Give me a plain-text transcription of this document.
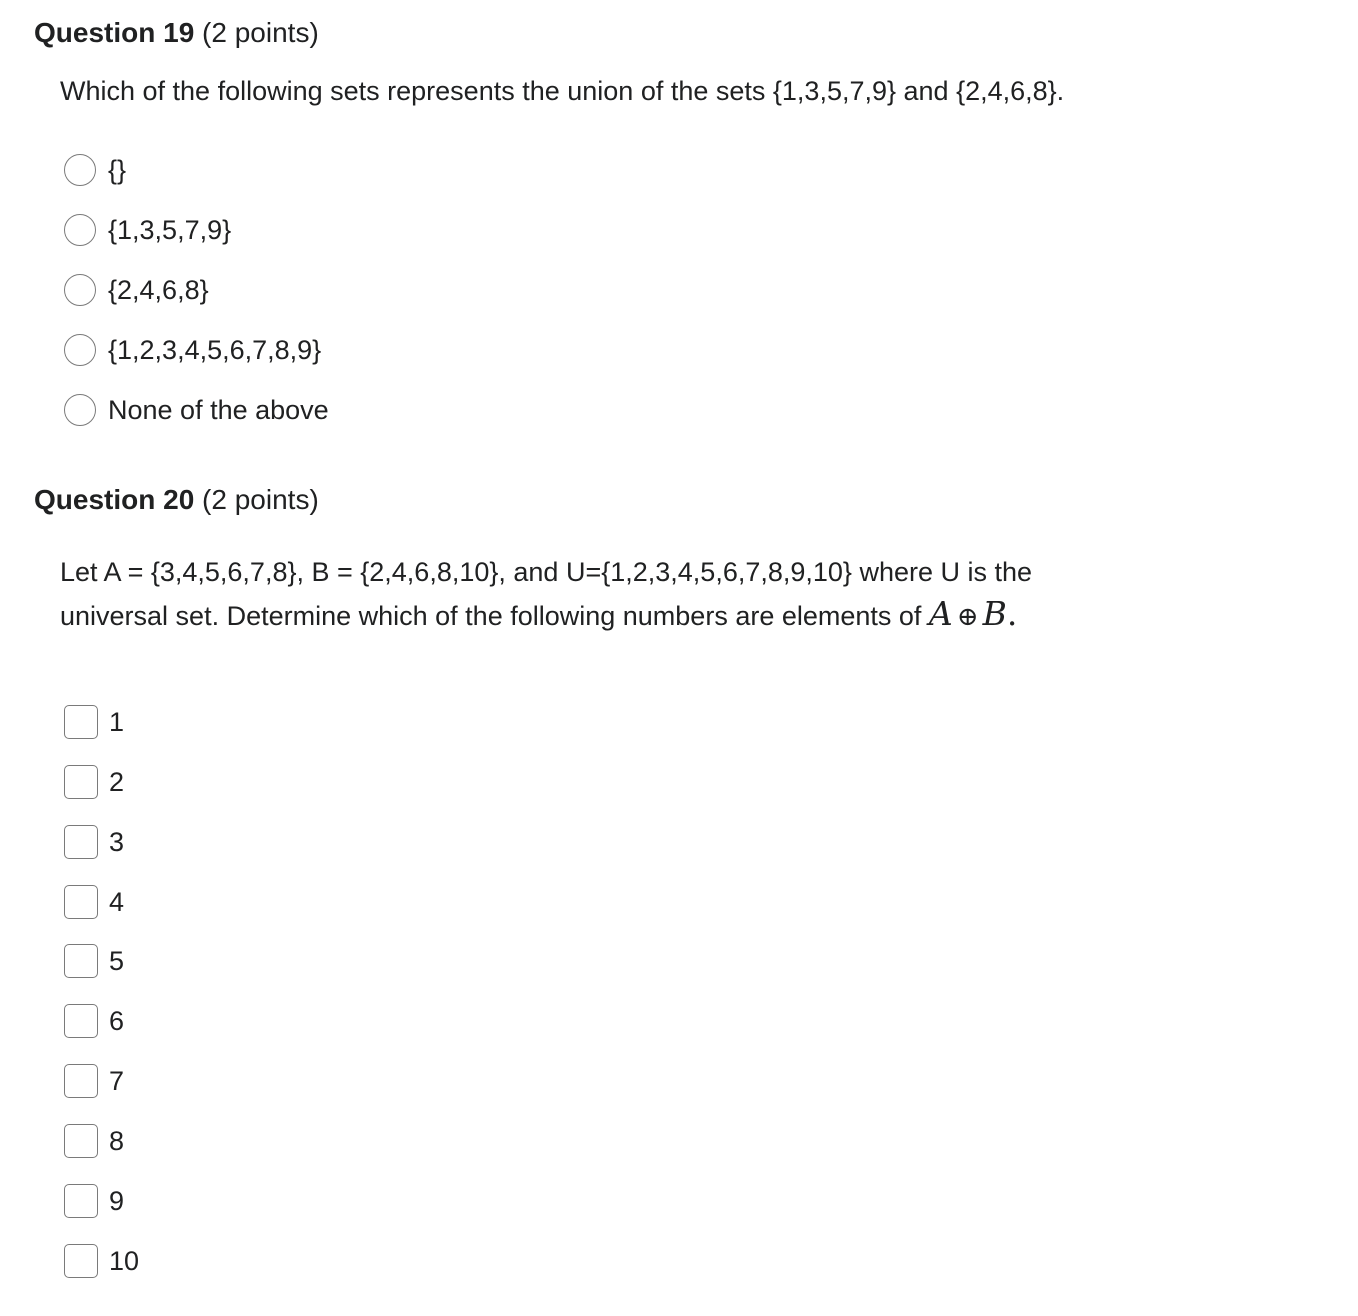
Question 19 (2 points)
Which of the following sets represents the union of the sets {1,3,5,7,9} and {2,4,6,8}.
{}
{1,3,5,7,9}
{2,4,6,8}
{1,2,3,4,5,6,7,8,9}
None of the above
Question 20 (2 points)
Let A = {3,4,5,6,7,8}, B = {2,4,6,8,10}, and U={1,2,3,4,5,6,7,8,9,10} where U is the
universal set. Determine which of the following numbers are elements of A ⊕ B.
1
2
3
4
5
6
7
8
9
10
